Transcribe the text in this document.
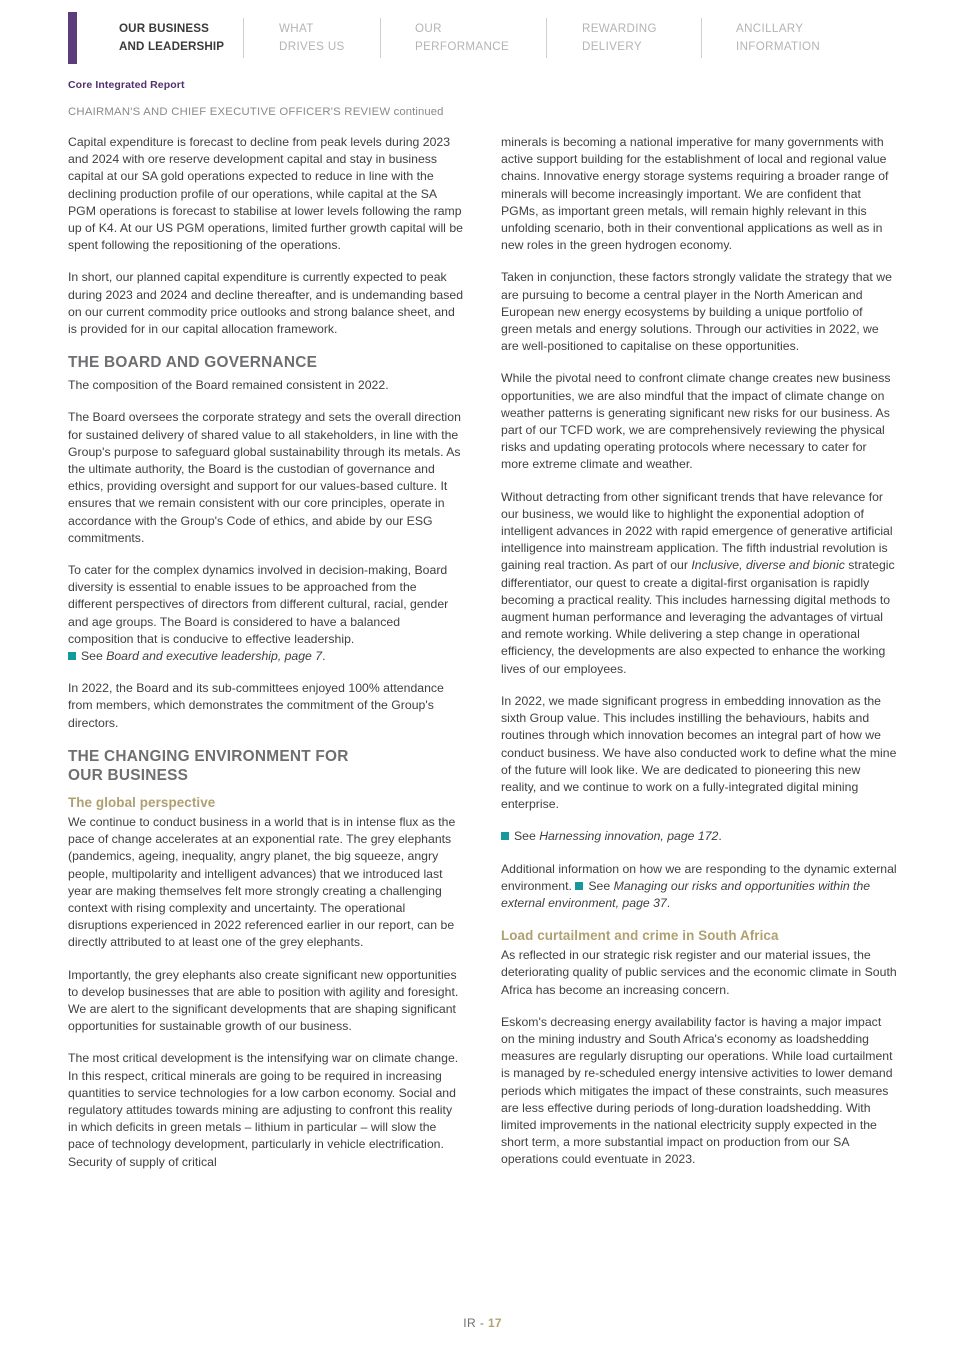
OUR BUSINESS
AND LEADERSHIP
WHAT
DRIVES US
OUR
PERFORMANCE
REWARDING
DELIVERY
ANCILLARY
INFORMATION
Core Integrated Report
CHAIRMAN'S AND CHIEF EXECUTIVE OFFICER'S REVIEW continued

Capital expenditure is forecast to decline from peak levels during 2023 and 2024 with ore reserve development capital and stay in business capital at our SA gold operations expected to reduce in line with the declining production profile of our operations, while capital at the SA PGM operations is forecast to stabilise at lower levels following the ramp up of K4. At our US PGM operations, limited further growth capital will be spent following the repositioning of the operations.

In short, our planned capital expenditure is currently expected to peak during 2023 and 2024 and decline thereafter, and is undemanding based on our current commodity price outlooks and strong balance sheet, and is provided for in our capital allocation framework.

THE BOARD AND GOVERNANCE

The composition of the Board remained consistent in 2022.

The Board oversees the corporate strategy and sets the overall direction for sustained delivery of shared value to all stakeholders, in line with the Group's purpose to safeguard global sustainability through its metals. As the ultimate authority, the Board is the custodian of governance and ethics, providing oversight and support for our values-based culture. It ensures that we remain consistent with our core principles, operate in accordance with the Group's Code of ethics, and abide by our ESG commitments.

To cater for the complex dynamics involved in decision-making, Board diversity is essential to enable issues to be approached from the different perspectives of directors from different cultural, racial, gender and age groups. The Board is considered to have a balanced composition that is conducive to effective leadership.

See Board and executive leadership, page 7.

In 2022, the Board and its sub-committees enjoyed 100% attendance from members, which demonstrates the commitment of the Group's directors.

THE CHANGING ENVIRONMENT FOR
OUR BUSINESS
The global perspective

We continue to conduct business in a world that is in intense flux as the pace of change accelerates at an exponential rate. The grey elephants (pandemics, ageing, inequality, angry planet, the big squeeze, angry people, multipolarity and intelligent advances) that we introduced last year are making themselves felt more strongly creating a challenging context with rising complexity and uncertainty. The operational disruptions experienced in 2022 referenced earlier in our report, can be directly attributed to at least one of the grey elephants.

Importantly, the grey elephants also create significant new opportunities to develop businesses that are able to position with agility and foresight. We are alert to the significant developments that are shaping significant opportunities for sustainable growth of our business.

The most critical development is the intensifying war on climate change. In this respect, critical minerals are going to be required in increasing quantities to service technologies for a low carbon economy. Social and regulatory attitudes towards mining are adjusting to confront this reality in which deficits in green metals – lithium in particular – will slow the pace of technology development, particularly in vehicle electrification. Security of supply of critical

minerals is becoming a national imperative for many governments with active support building for the establishment of local and regional value chains. Innovative energy storage systems requiring a broader range of minerals will become increasingly important. We are confident that PGMs, as important green metals, will remain highly relevant in this unfolding scenario, both in their conventional applications as well as in new roles in the green hydrogen economy.

Taken in conjunction, these factors strongly validate the strategy that we are pursuing to become a central player in the North American and European new energy ecosystems by building a unique portfolio of green metals and energy solutions. Through our activities in 2022, we are well-positioned to capitalise on these opportunities.

While the pivotal need to confront climate change creates new business opportunities, we are also mindful that the impact of climate change on weather patterns is generating significant new risks for our business. As part of our TCFD work, we are comprehensively reviewing the physical risks and updating operating protocols where necessary to cater for more extreme climate and weather.

Without detracting from other significant trends that have relevance for our business, we would like to highlight the exponential adoption of intelligent advances in 2022 with rapid emergence of generative artificial intelligence into mainstream application. The fifth industrial revolution is gaining real traction. As part of our Inclusive, diverse and bionic strategic differentiator, our quest to create a digital-first organisation is rapidly becoming a practical reality. This includes harnessing digital methods to augment human performance and leveraging the advantages of virtual and remote working. While delivering a step change in operational efficiency, the developments are also expected to enhance the working lives of our employees.

In 2022, we made significant progress in embedding innovation as the sixth Group value. This includes instilling the behaviours, habits and routines through which innovation becomes an integral part of how we conduct business. We have also conducted work to define what the mine of the future will look like. We are dedicated to pioneering this new reality, and we continue to work on a fully-integrated digital mining enterprise.

See Harnessing innovation, page 172.

Additional information on how we are responding to the dynamic external environment. See Managing our risks and opportunities within the external environment, page 37.

Load curtailment and crime in South Africa

As reflected in our strategic risk register and our material issues, the deteriorating quality of public services and the economic climate in South Africa has become an increasing concern.

Eskom's decreasing energy availability factor is having a major impact on the mining industry and South Africa's economy as loadshedding measures are regularly disrupting our operations. While load curtailment is managed by re-scheduled energy intensive activities to lower demand periods which mitigates the impact of these constraints, such measures are less effective during periods of long-duration loadshedding. With limited improvements in the national electricity supply expected in the short term, a more substantial impact on production from our SA operations could eventuate in 2023.

IR - 17
